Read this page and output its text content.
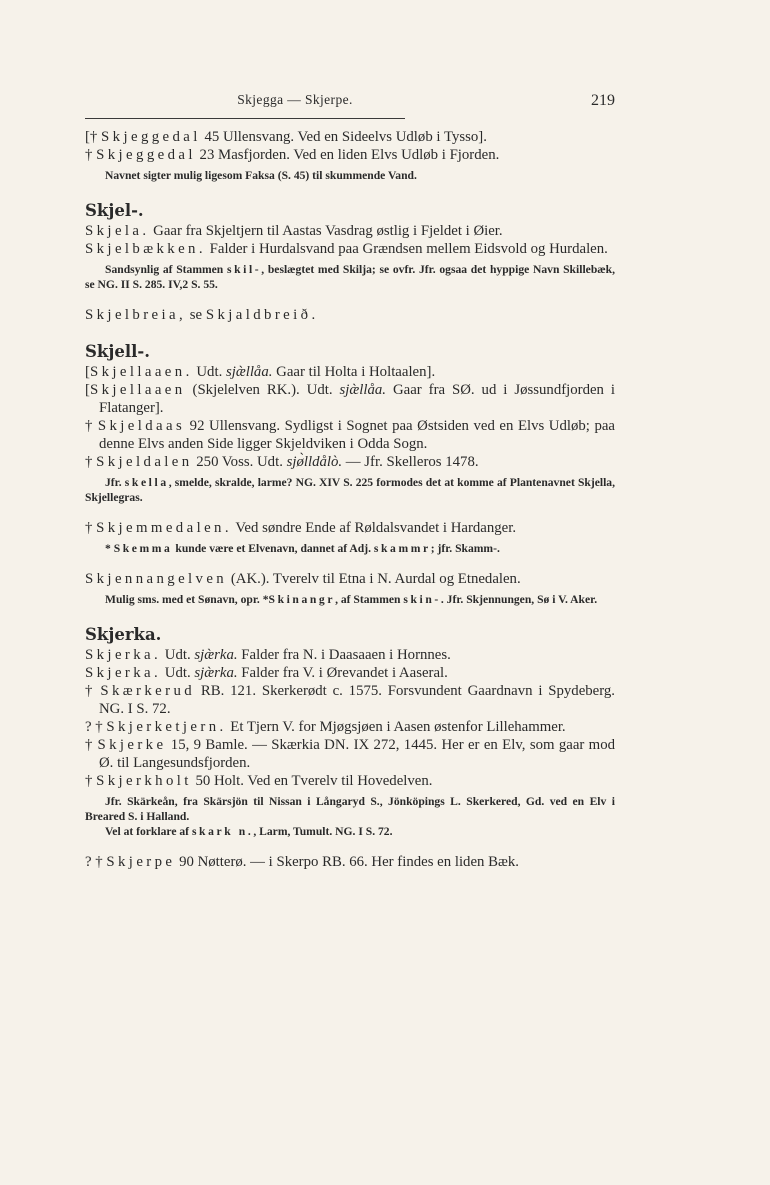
Skjegga — Skjerpe.	219

[† Skjeggedal 45 Ullensvang. Ved en Sideelvs Udløb i Tysso].

† Skjeggedal 23 Masfjorden. Ved en liden Elvs Udløb i Fjorden.

Navnet sigter mulig ligesom Faksa (S. 45) til skummende Vand.

Skjel-.

Skjela. Gaar fra Skjeltjern til Aastas Vasdrag østlig i Fjeldet i Øier.

Skjelbækken. Falder i Hurdalsvand paa Grændsen mellem Eidsvold og Hurdalen.

Sandsynlig af Stammen skil-, beslægtet med Skilja; se ovfr. Jfr. ogsaa det hyppige Navn Skillebæk, se NG. II S. 285. IV,2 S. 55.

Skjelbreia, se Skjaldbreið.

Skjell-.

[Skjellaaen. Udt. sjæ̀llåa. Gaar til Holta i Holtaalen].

[Skjellaaen (Skjelelven RK.). Udt. sjæ̀llåa. Gaar fra SØ. ud i Jøssundfjorden i Flatanger].

† Skjeldaas 92 Ullensvang. Sydligst i Sognet paa Østsiden ved en Elvs Udløb; paa denne Elvs anden Side ligger Skjeldviken i Odda Sogn.

† Skjeldalen 250 Voss. Udt. sjø̀lldålò. — Jfr. Skelleros 1478.

Jfr. skella, smelde, skralde, larme? NG. XIV S. 225 formodes det at komme af Plantenavnet Skjella, Skjellegras.

† Skjemmedalen. Ved søndre Ende af Røldalsvandet i Hardanger.

* Skemma kunde være et Elvenavn, dannet af Adj. skammr; jfr. Skamm-.

Skjennangelven (AK.). Tverelv til Etna i N. Aurdal og Etnedalen.

Mulig sms. med et Sønavn, opr. *Skinangr, af Stammen skin-. Jfr. Skjennungen, Sø i V. Aker.

Skjerka.

Skjerka. Udt. sjæ̀rka. Falder fra N. i Daasaaen i Hornnes.

Skjerka. Udt. sjæ̀rka. Falder fra V. i Ørevandet i Aaseral.

† Skærkerud RB. 121. Skerkerødt c. 1575. Forsvundent Gaardnavn i Spydeberg. NG. I S. 72.

? † Skjerketjern. Et Tjern V. for Mjøgsjøen i Aasen østenfor Lillehammer.

† Skjerke 15, 9 Bamle. — Skærkia DN. IX 272, 1445. Her er en Elv, som gaar mod Ø. til Langesundsfjorden.

† Skjerkholt 50 Holt. Ved en Tverelv til Hovedelven.

Jfr. Skärkeån, fra Skärsjön til Nissan i Långaryd S., Jönköpings L. Skerkered, Gd. ved en Elv i Breared S. i Halland.

Vel at forklare af skark n., Larm, Tumult. NG. I S. 72.

? † Skjerpe 90 Nøtterø. — i Skerpo RB. 66. Her findes en liden Bæk.
